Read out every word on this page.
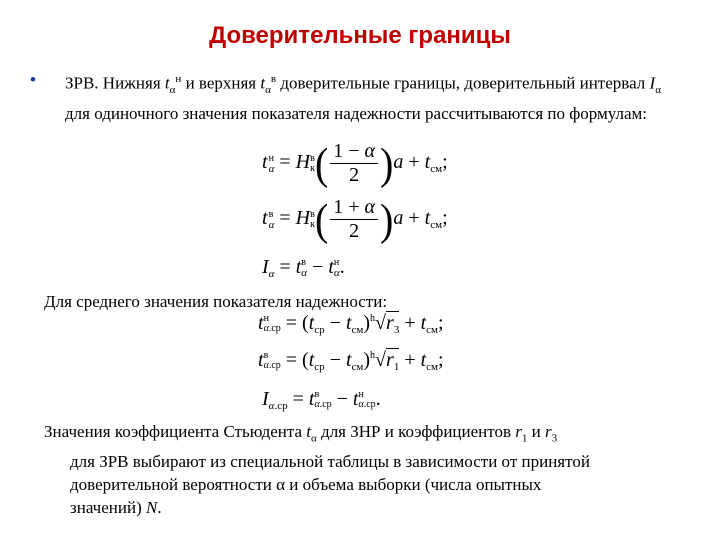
Доверительные границы
• ЗРВ. Нижняя $t_\alpha^н$ и верхняя $t_\alpha^в$ доверительные границы, доверительный интервал $I_\alpha$ для одиночного значения показателя надежности рассчитываются по формулам:
t н
α = H в
к ( $\frac{1 - \alpha}{2} )a + t_{см}$;
t в
α = H в
к ( $\frac{1 + \alpha}{2} )a + t_{см}$;
$I_\alpha = t$ в
α − t н
α .
Для среднего значения показателя надежности:
t н
$\alpha.ср = (t_{ср} - t_{см})^h√r_3 + t_{см}$;
t в
$\alpha.ср = (t_{ср} - t_{см})^h√r_1 + t_{см}$;
$I_{\alpha.ср} = t$ в
α.ср − t н
α.ср .
Значения коэффициента Стьюдента $t_\alpha$ для ЗНР и коэффициентов $r_1$ и $r_3$
для ЗРВ выбирают из специальной таблицы в зависимости от принятой
доверительной вероятности α и объема выборки (числа опытных
значений) N.
